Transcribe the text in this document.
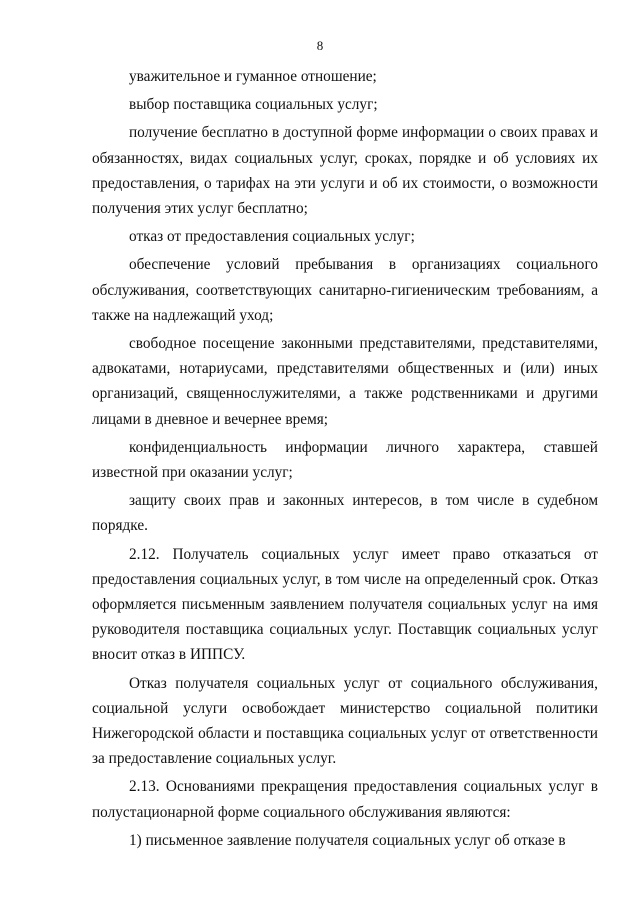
8

уважительное и гуманное отношение;

выбор поставщика социальных услуг;

получение бесплатно в доступной форме информации о своих правах и обязанностях, видах социальных услуг, сроках, порядке и об условиях их предоставления, о тарифах на эти услуги и об их стоимости, о возможности получения этих услуг бесплатно;

отказ от предоставления социальных услуг;

обеспечение условий пребывания в организациях социального обслуживания, соответствующих санитарно-гигиеническим требованиям, а также на надлежащий уход;

свободное посещение законными представителями, представителями, адвокатами, нотариусами, представителями общественных и (или) иных организаций, священнослужителями, а также родственниками и другими лицами в дневное и вечернее время;

конфиденциальность информации личного характера, ставшей известной при оказании услуг;

защиту своих прав и законных интересов, в том числе в судебном порядке.

2.12. Получатель социальных услуг имеет право отказаться от предоставления социальных услуг, в том числе на определенный срок. Отказ оформляется письменным заявлением получателя социальных услуг на имя руководителя поставщика социальных услуг. Поставщик социальных услуг вносит отказ в ИППСУ.

Отказ получателя социальных услуг от социального обслуживания, социальной услуги освобождает министерство социальной политики Нижегородской области и поставщика социальных услуг от ответственности за предоставление социальных услуг.

2.13. Основаниями прекращения предоставления социальных услуг в полустационарной форме социального обслуживания являются:

1) письменное заявление получателя социальных услуг об отказе в
